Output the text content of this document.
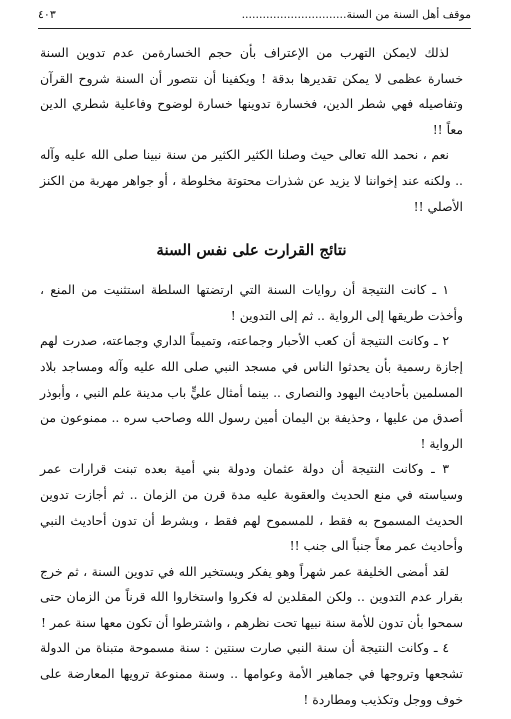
موقف أهل السنة من السنة..............................
٤٠٣

لذلك لايمكن التهرب من الإعتراف بأن حجم الخسارةمن عدم تدوين السنة خسارة عظمى لا يمكن تقديرها بدقة ! ويكفينا أن نتصور أن السنة شروح القرآن وتفاصيله فهي شطر الدين، فخسارة تدوينها خسارة لوضوح وفاعلية شطري الدين معاً !!

نعم ، نحمد الله تعالى حيث وصلنا الكثير الكثير من سنة نبينا صلى الله عليه وآله .. ولكنه عند إخواننا لا يزيد عن شذرات محتوتة مخلوطة ، أو جواهر مهربة من الكنز الأصلي !!

نتائج القرارت على نفس السنة

١ ـ كانت النتيجة أن روايات السنة التي ارتضتها السلطة استثنيت من المنع ، وأخذت طريقها إلى الرواية .. ثم إلى التدوين !

٢ ـ وكانت النتيجة أن كعب الأحبار وجماعته، وتميماً الداري وجماعته، صدرت لهم إجازة رسمية بأن يحدثوا الناس في مسجد النبي صلى الله عليه وآله ومساجد بلاد المسلمين بأحاديث اليهود والنصارى .. بينما أمثال عليٍّ باب مدينة علم النبي ، وأبوذر أصدق من عليها ، وحذيفة بن اليمان أمين رسول الله وصاحب سره .. ممنوعون من الرواية !

٣ ـ وكانت النتيجة أن دولة عثمان ودولة بني أمية بعده تبنت قرارات عمر وسياسته في منع الحديث والعقوبة عليه مدة قرن من الزمان .. ثم أجازت تدوين الحديث المسموح به فقط ، للمسموح لهم فقط ، وبشرط أن تدون أحاديث النبي وأحاديث عمر معاً جنباً الى جنب !!

لقد أمضى الخليفة عمر شهراً وهو يفكر ويستخير الله في تدوين السنة ، ثم خرج بقرار عدم التدوين .. ولكن المقلدين له فكروا واستخاروا الله قرناً من الزمان حتى سمحوا بأن تدون للأمة سنة نبيها تحت نظرهم ، واشترطوا أن تكون معها سنة عمر !

٤ ـ وكانت النتيجة أن سنة النبي صارت سنتين : سنة مسموحة متبناة من الدولة تشجعها وتروجها في جماهير الأمة وعوامها .. وسنة ممنوعة ترويها المعارضة على خوف ووجل وتكذيب ومطاردة !
